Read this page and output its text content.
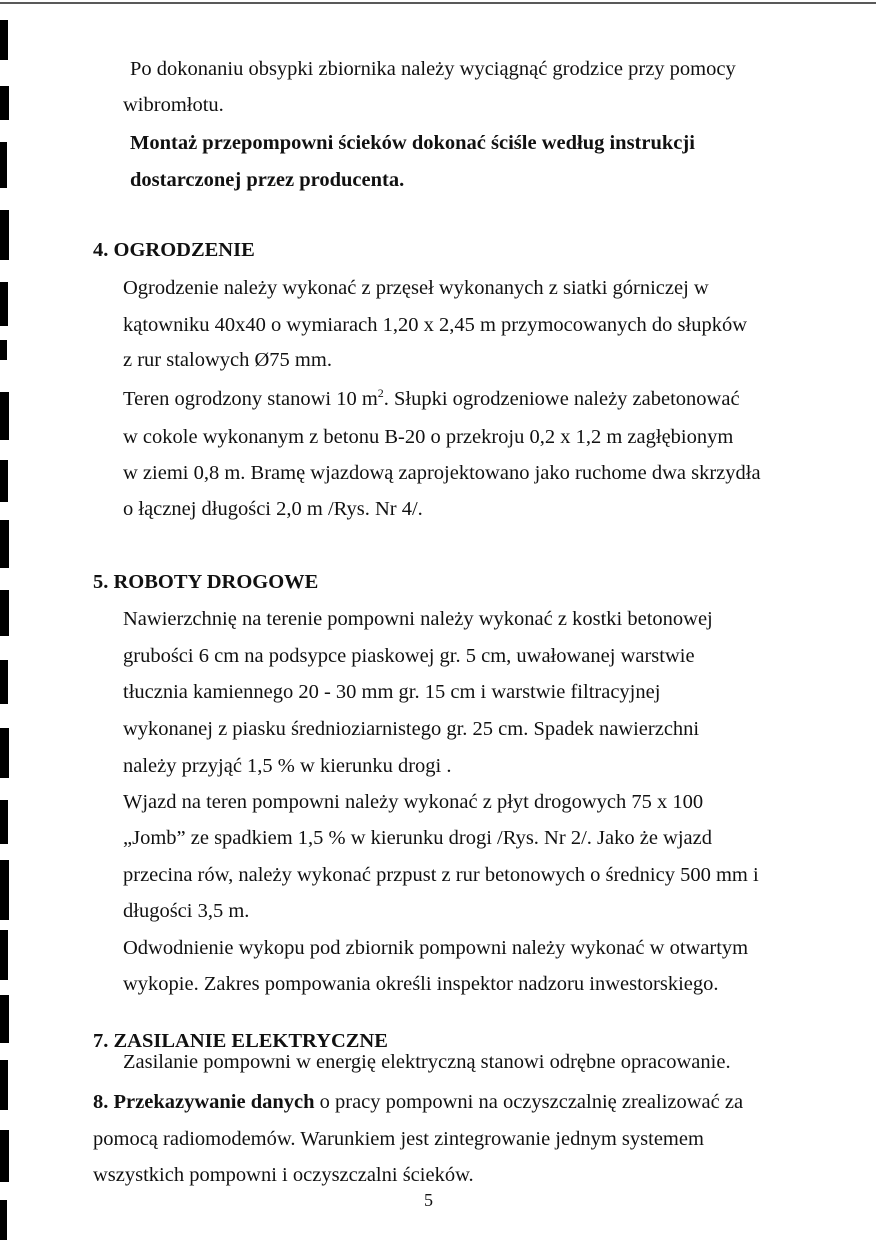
Po dokonaniu obsypki zbiornika należy wyciągnąć grodzice przy pomocy
wibromłotu.
Montaż przepompowni ścieków dokonać ściśle według instrukcji
dostarczonej przez producenta.
4. OGRODZENIE
Ogrodzenie należy wykonać z przęseł wykonanych z siatki górniczej w
kątowniku 40x40 o wymiarach 1,20 x 2,45 m przymocowanych do słupków
z rur stalowych Ø75 mm.
Teren ogrodzony stanowi 10 $m^2$. Słupki ogrodzeniowe należy zabetonować
w cokole wykonanym z betonu B-20 o przekroju 0,2 x 1,2 m zagłębionym
w ziemi 0,8 m. Bramę wjazdową zaprojektowano jako ruchome dwa skrzydła
o łącznej długości 2,0 m /Rys. Nr 4/.
5. ROBOTY DROGOWE
Nawierzchnię na terenie pompowni należy wykonać z kostki betonowej
grubości 6 cm na podsypce piaskowej gr. 5 cm, uwałowanej warstwie
tłucznia kamiennego 20 - 30 mm gr. 15 cm i warstwie filtracyjnej
wykonanej z piasku średnioziarnistego gr. 25 cm. Spadek nawierzchni
należy przyjąć 1,5 % w kierunku drogi .
Wjazd na teren pompowni należy wykonać z płyt drogowych 75 x 100
„Jomb” ze spadkiem 1,5 % w kierunku drogi /Rys. Nr 2/. Jako że wjazd
przecina rów, należy wykonać przpust z rur betonowych o średnicy 500 mm i
długości 3,5 m.
Odwodnienie wykopu pod zbiornik pompowni należy wykonać w otwartym
wykopie. Zakres pompowania określi inspektor nadzoru inwestorskiego.
7. ZASILANIE ELEKTRYCZNE
Zasilanie pompowni w energię elektryczną stanowi odrębne opracowanie.
8. Przekazywanie danych o pracy pompowni na oczyszczalnię zrealizować za
pomocą radiomodemów. Warunkiem jest zintegrowanie jednym systemem
wszystkich pompowni i oczyszczalni ścieków.
5
